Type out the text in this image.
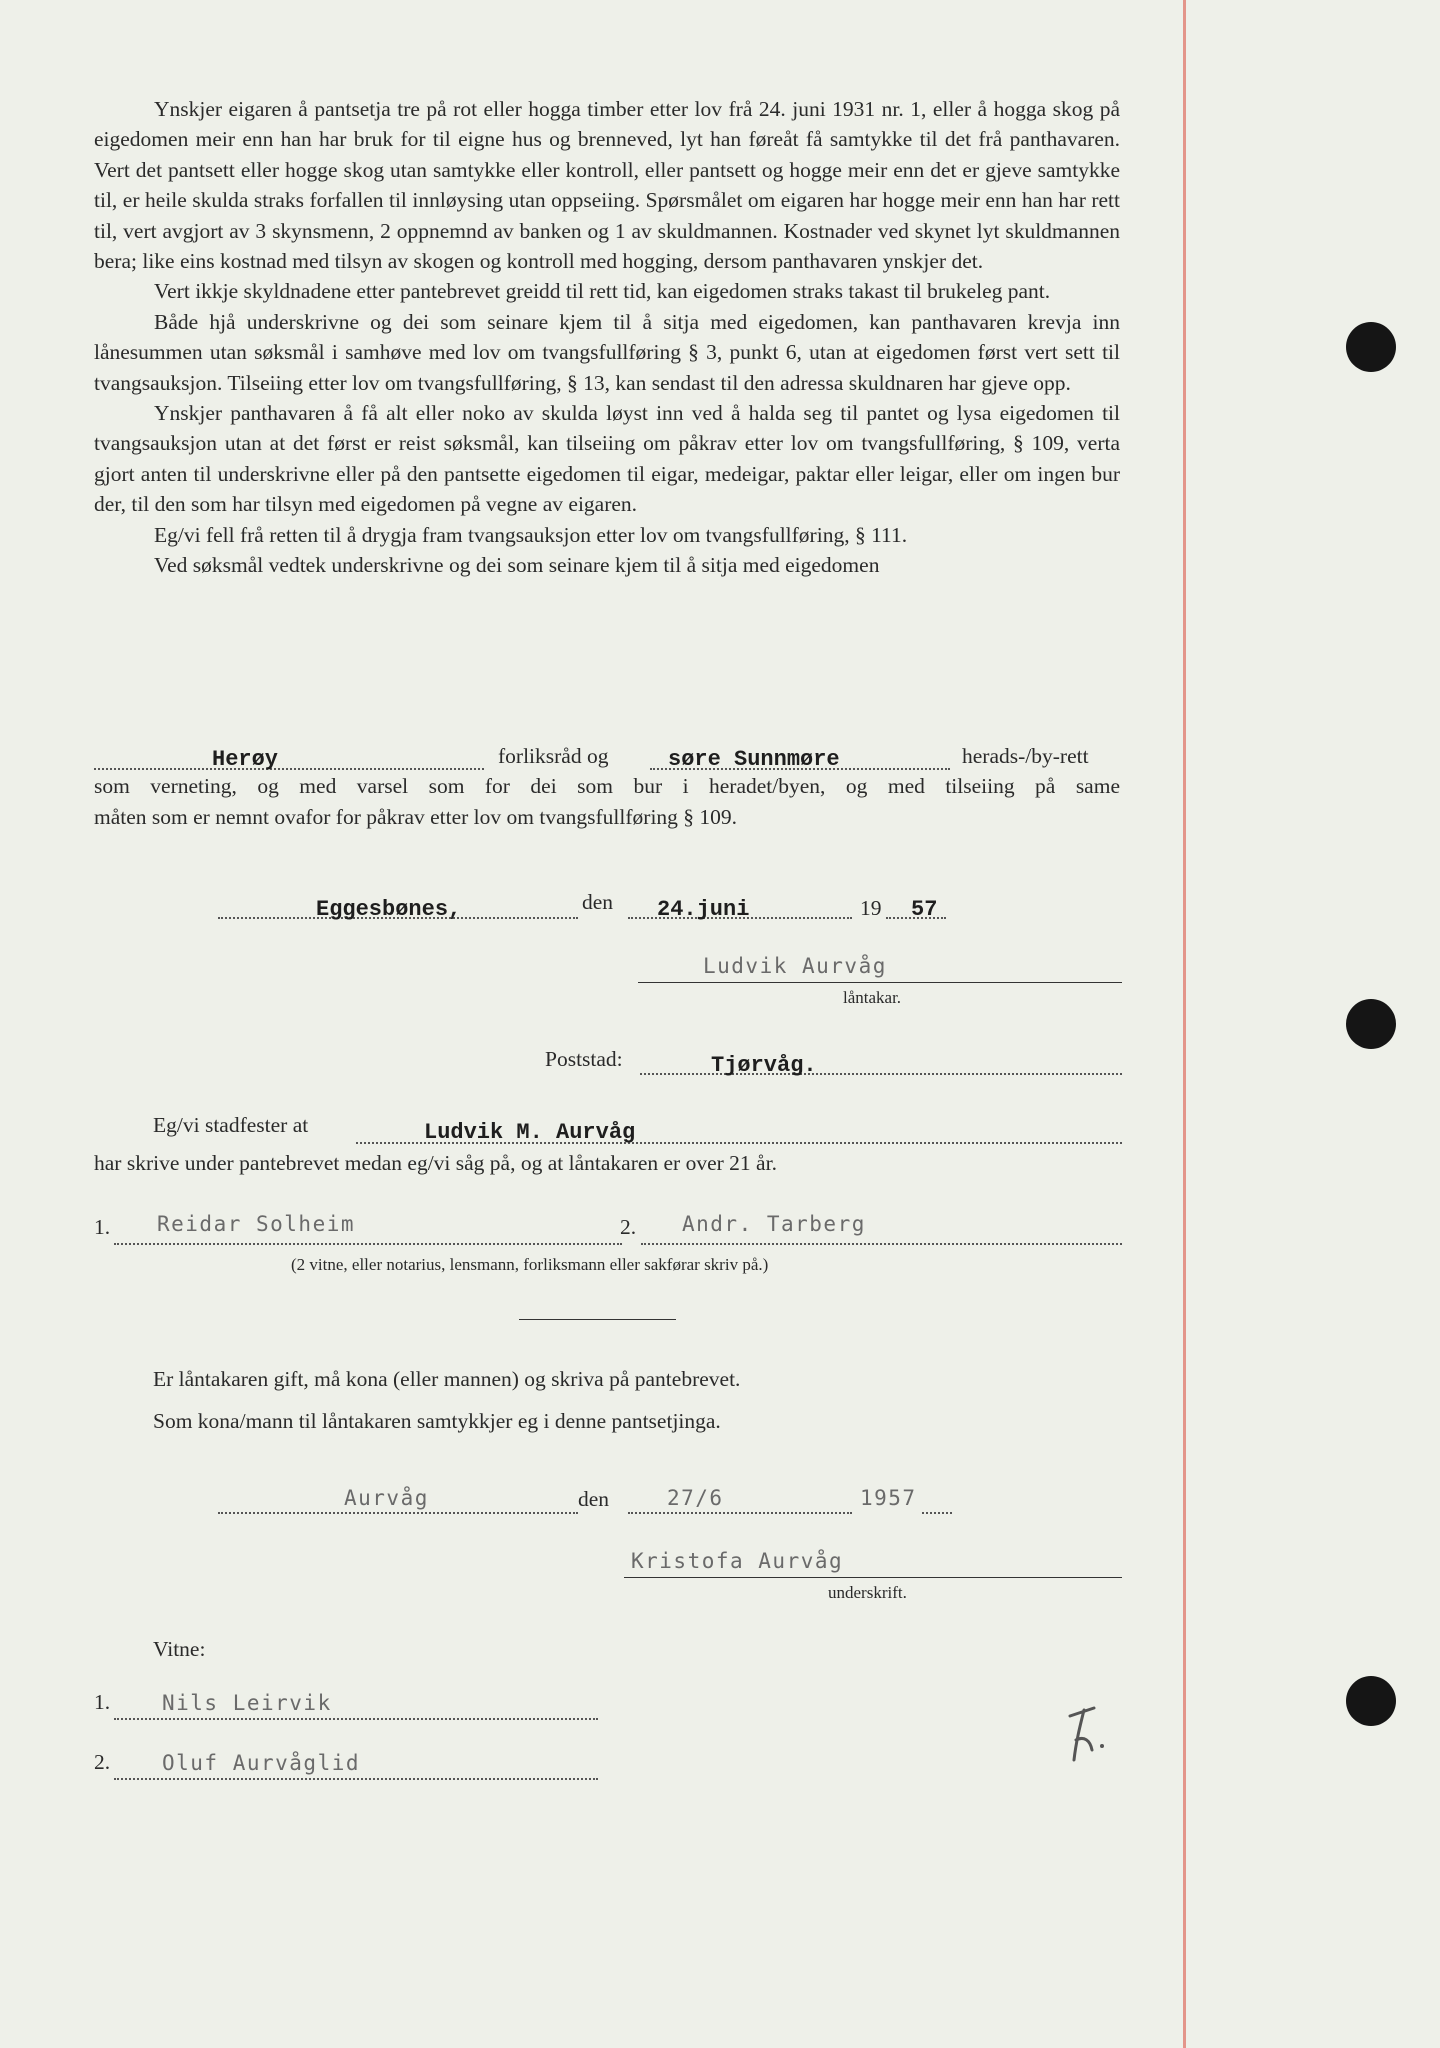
Ynskjer eigaren å pantsetja tre på rot eller hogga timber etter lov frå 24. juni 1931 nr. 1, eller å hogga skog på eigedomen meir enn han har bruk for til eigne hus og brenneved, lyt han føreåt få samtykke til det frå panthavaren. Vert det pantsett eller hogge skog utan samtykke eller kontroll, eller pantsett og hogge meir enn det er gjeve samtykke til, er heile skulda straks forfallen til innløysing utan oppseiing. Spørsmålet om eigaren har hogge meir enn han har rett til, vert avgjort av 3 skynsmenn, 2 oppnemnd av banken og 1 av skuldmannen. Kostnader ved skynet lyt skuldmannen bera; like eins kostnad med tilsyn av skogen og kontroll med hogging, dersom panthavaren ynskjer det.

Vert ikkje skyldnadene etter pantebrevet greidd til rett tid, kan eigedomen straks takast til brukeleg pant.

Både hjå underskrivne og dei som seinare kjem til å sitja med eigedomen, kan panthavaren krevja inn lånesummen utan søksmål i samhøve med lov om tvangsfullføring § 3, punkt 6, utan at eigedomen først vert sett til tvangsauksjon. Tilseiing etter lov om tvangsfullføring, § 13, kan sendast til den adressa skuldnaren har gjeve opp.

Ynskjer panthavaren å få alt eller noko av skulda løyst inn ved å halda seg til pantet og lysa eigedomen til tvangsauksjon utan at det først er reist søksmål, kan tilseiing om påkrav etter lov om tvangsfullføring, § 109, verta gjort anten til underskrivne eller på den pantsette eigedomen til eigar, medeigar, paktar eller leigar, eller om ingen bur der, til den som har tilsyn med eigedomen på vegne av eigaren.

Eg/vi fell frå retten til å drygja fram tvangsauksjon etter lov om tvangsfullføring, § 111.

Ved søksmål vedtek underskrivne og dei som seinare kjem til å sitja med eigedomen

Herøy	forliksråd og	søre Sunnmøre	herads-/by-rett
som verneting, og med varsel som for dei som bur i heradet/byen, og med tilseiing på same
måten som er nemnt ovafor for påkrav etter lov om tvangsfullføring § 109.
Eggesbønes,	den 24.juni	19 57
Ludvik Aurvåg
låntakar.
Poststad:	Tjørvåg.
Eg/vi stadfester at	Ludvik M. Aurvåg
har skrive under pantebrevet medan eg/vi såg på, og at låntakaren er over 21 år.
1. Reidar Solheim	2. Andr. Tarberg
(2 vitne, eller notarius, lensmann, forliksmann eller sakførar skriv på.)
Er låntakaren gift, må kona (eller mannen) og skriva på pantebrevet.
Som kona/mann til låntakaren samtykkjer eg i denne pantsetjinga.
Aurvåg	den	27/6	1957
Kristofa Aurvåg
underskrift.
Vitne:
1. Nils Leirvik
2. Oluf Aurvåglid
